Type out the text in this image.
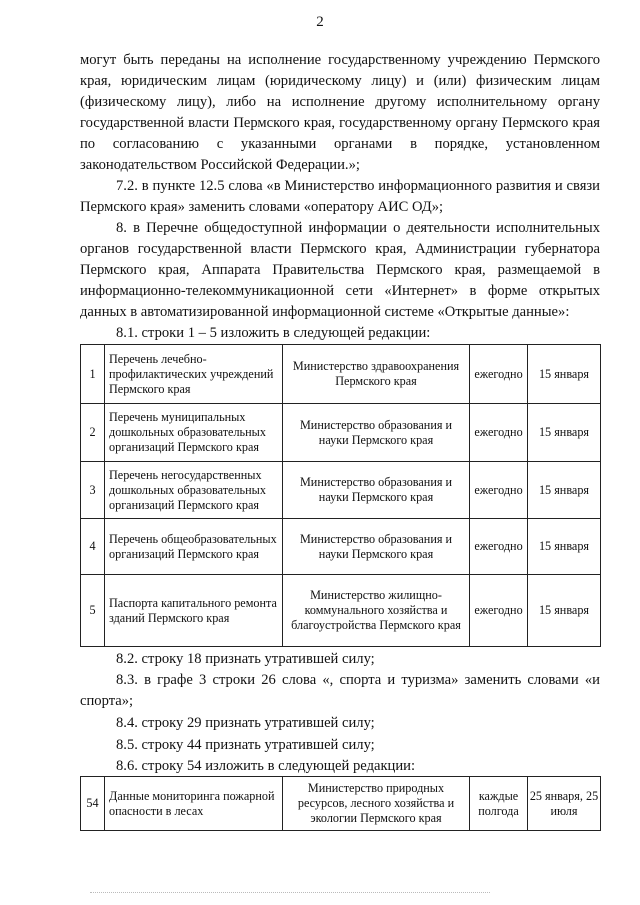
2
могут быть переданы на исполнение государственному учреждению Пермского края, юридическим лицам (юридическому лицу) и (или) физическим лицам (физическому лицу), либо на исполнение другому исполнительному органу государственной власти Пермского края, государственному органу Пермского края по согласованию с указанными органами в порядке, установленном законодательством Российской Федерации.»;
7.2. в пункте 12.5 слова «в Министерство информационного развития и связи Пермского края» заменить словами «оператору АИС ОД»;
8. в Перечне общедоступной информации о деятельности исполнительных органов государственной власти Пермского края, Администрации губернатора Пермского края, Аппарата Правительства Пермского края, размещаемой в информационно-телекоммуникационной сети «Интернет» в форме открытых данных в автоматизированной информационной системе «Открытые данные»:
8.1. строки 1 – 5 изложить в следующей редакции:
1	Перечень лечебно-профилактических учреждений Пермского края	Министерство здравоохранения Пермского края	ежегодно	15 января
2	Перечень муниципальных дошкольных образовательных организаций Пермского края	Министерство образования и науки Пермского края	ежегодно	15 января
3	Перечень негосударственных дошкольных образовательных организаций Пермского края	Министерство образования и науки Пермского края	ежегодно	15 января
4	Перечень общеобразовательных организаций Пермского края	Министерство образования и науки Пермского края	ежегодно	15 января
5	Паспорта капитального ремонта зданий Пермского края	Министерство жилищно-коммунального хозяйства и благоустройства Пермского края	ежегодно	15 января
8.2. строку 18 признать утратившей силу;
8.3. в графе 3 строки 26 слова «, спорта и туризма» заменить словами «и спорта»;
8.4. строку 29 признать утратившей силу;
8.5. строку 44 признать утратившей силу;
8.6. строку 54 изложить в следующей редакции:
54	Данные мониторинга пожарной опасности в лесах	Министерство природных ресурсов, лесного хозяйства и экологии Пермского края	каждые полгода	25 января, 25 июля
